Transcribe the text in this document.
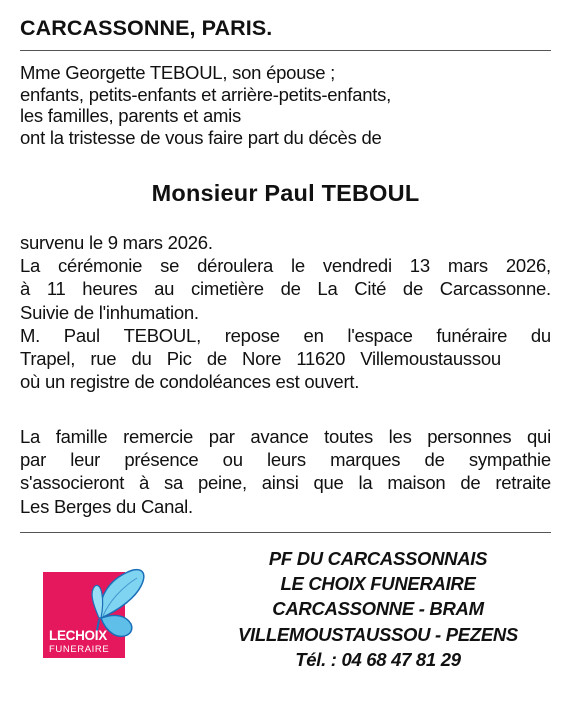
CARCASSONNE, PARIS.
Mme Georgette TEBOUL, son épouse ;
enfants, petits-enfants et arrière-petits-enfants,
les familles, parents et amis
ont la tristesse de vous faire part du décès de
Monsieur Paul TEBOUL
survenu le 9 mars 2026.
La cérémonie se déroulera le vendredi 13 mars 2026,
à 11 heures au cimetière de La Cité de Carcassonne.
Suivie de l'inhumation.
M. Paul TEBOUL, repose en l'espace funéraire du
Trapel, rue du Pic de Nore 11620 Villemoustaussou
où un registre de condoléances est ouvert.
La famille remercie par avance toutes les personnes qui
par leur présence ou leurs marques de sympathie
s'associeront à sa peine, ainsi que la maison de retraite
Les Berges du Canal.
PF DU CARCASSONNAIS
LE CHOIX FUNERAIRE
CARCASSONNE - BRAM
VILLEMOUSTAUSSOU - PEZENS
Tél. : 04 68 47 81 29
LECHOIX
FUNERAIRE
